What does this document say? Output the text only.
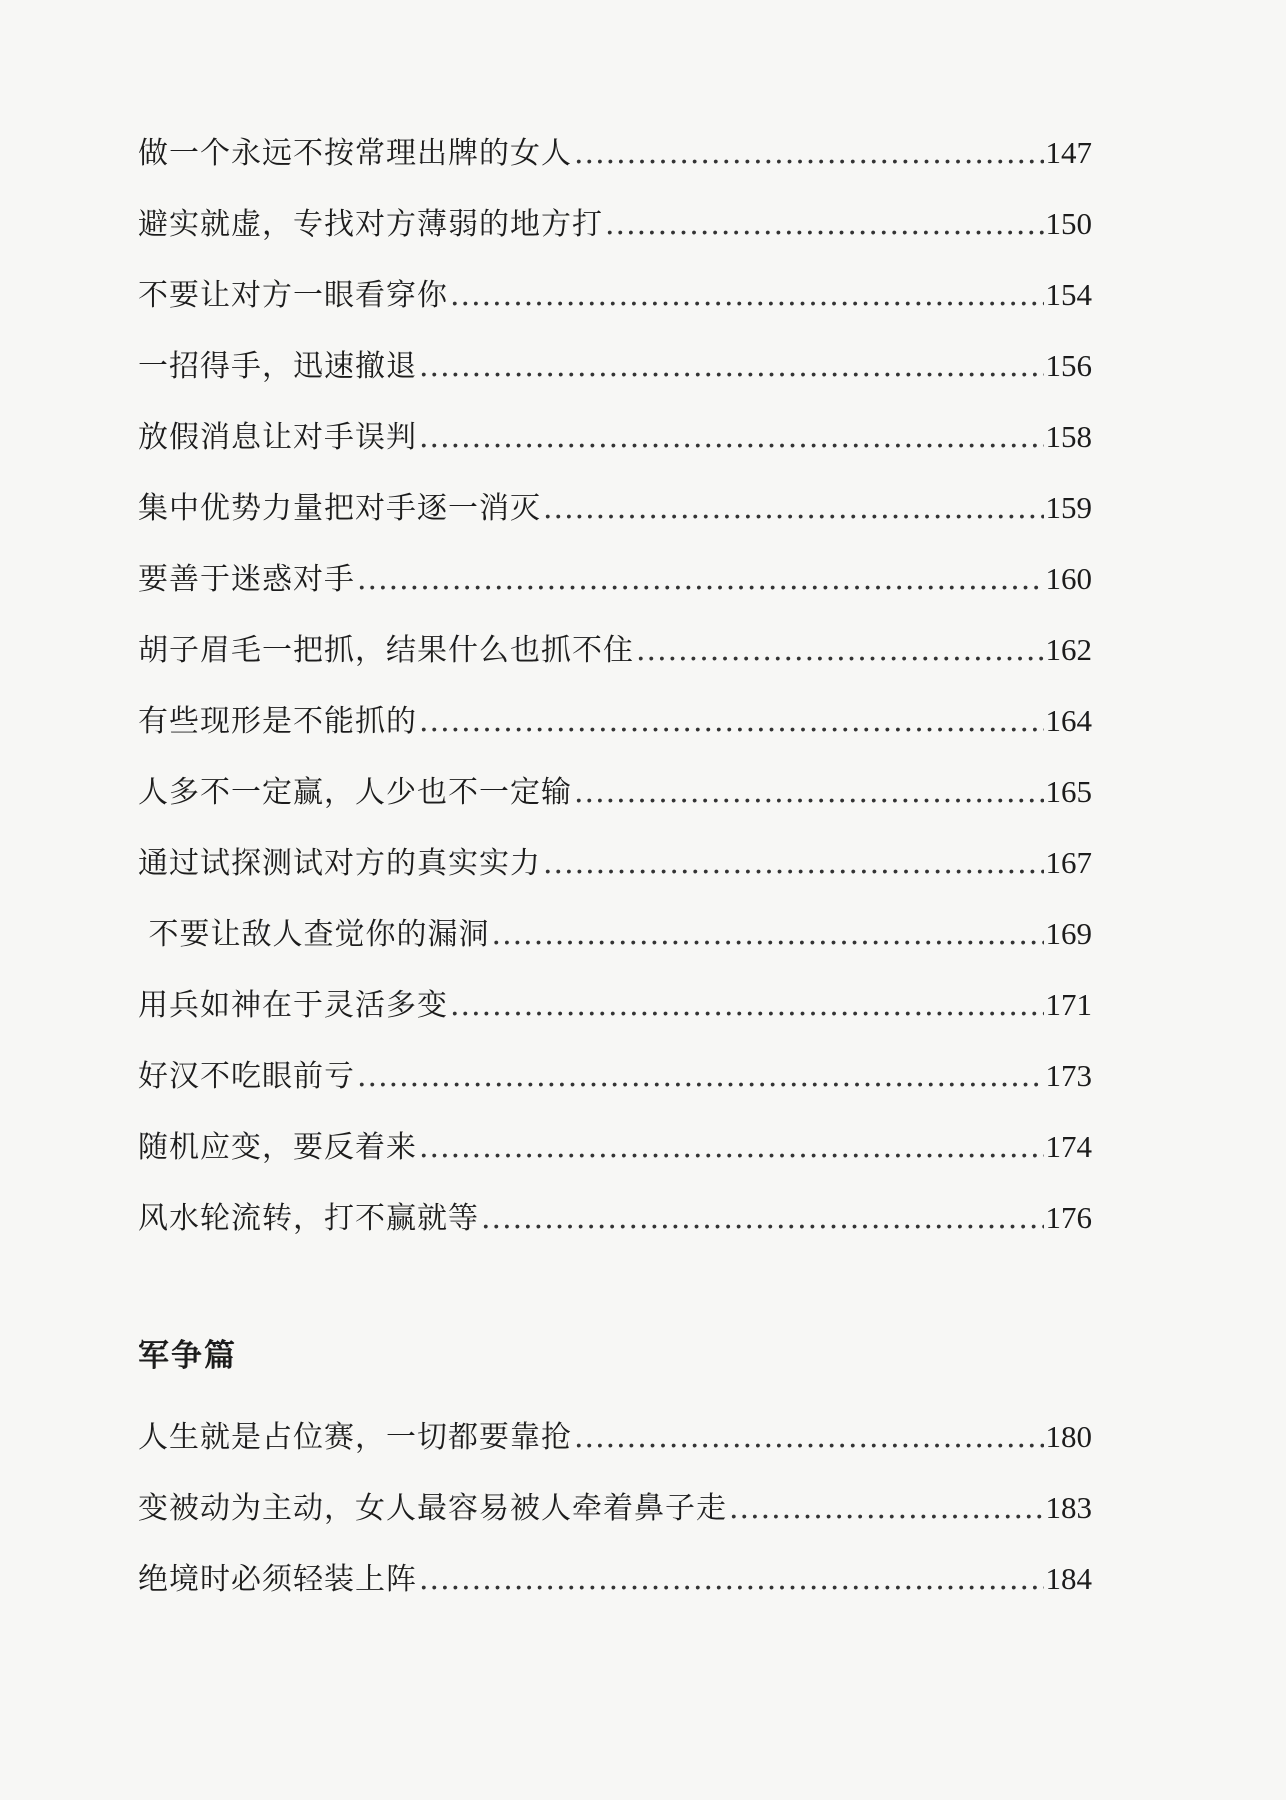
做一个永远不按常理出牌的女人 .....	147
避实就虚，专找对方薄弱的地方打 .....	150
不要让对方一眼看穿你 .....	154
一招得手，迅速撤退 .....	156
放假消息让对手误判 .....	158
集中优势力量把对手逐一消灭 .....	159
要善于迷惑对手 .....	160
胡子眉毛一把抓，结果什么也抓不住 .....	162
有些现形是不能抓的 .....	164
人多不一定赢，人少也不一定输 .....	165
通过试探测试对方的真实实力 .....	167
不要让敌人查觉你的漏洞 .....	169
用兵如神在于灵活多变 .....	171
好汉不吃眼前亏 .....	173
随机应变，要反着来 .....	174
风水轮流转，打不赢就等 .....	176
军争篇
人生就是占位赛，一切都要靠抢 .....	180
变被动为主动，女人最容易被人牵着鼻子走 .....	183
绝境时必须轻装上阵 .....	184
